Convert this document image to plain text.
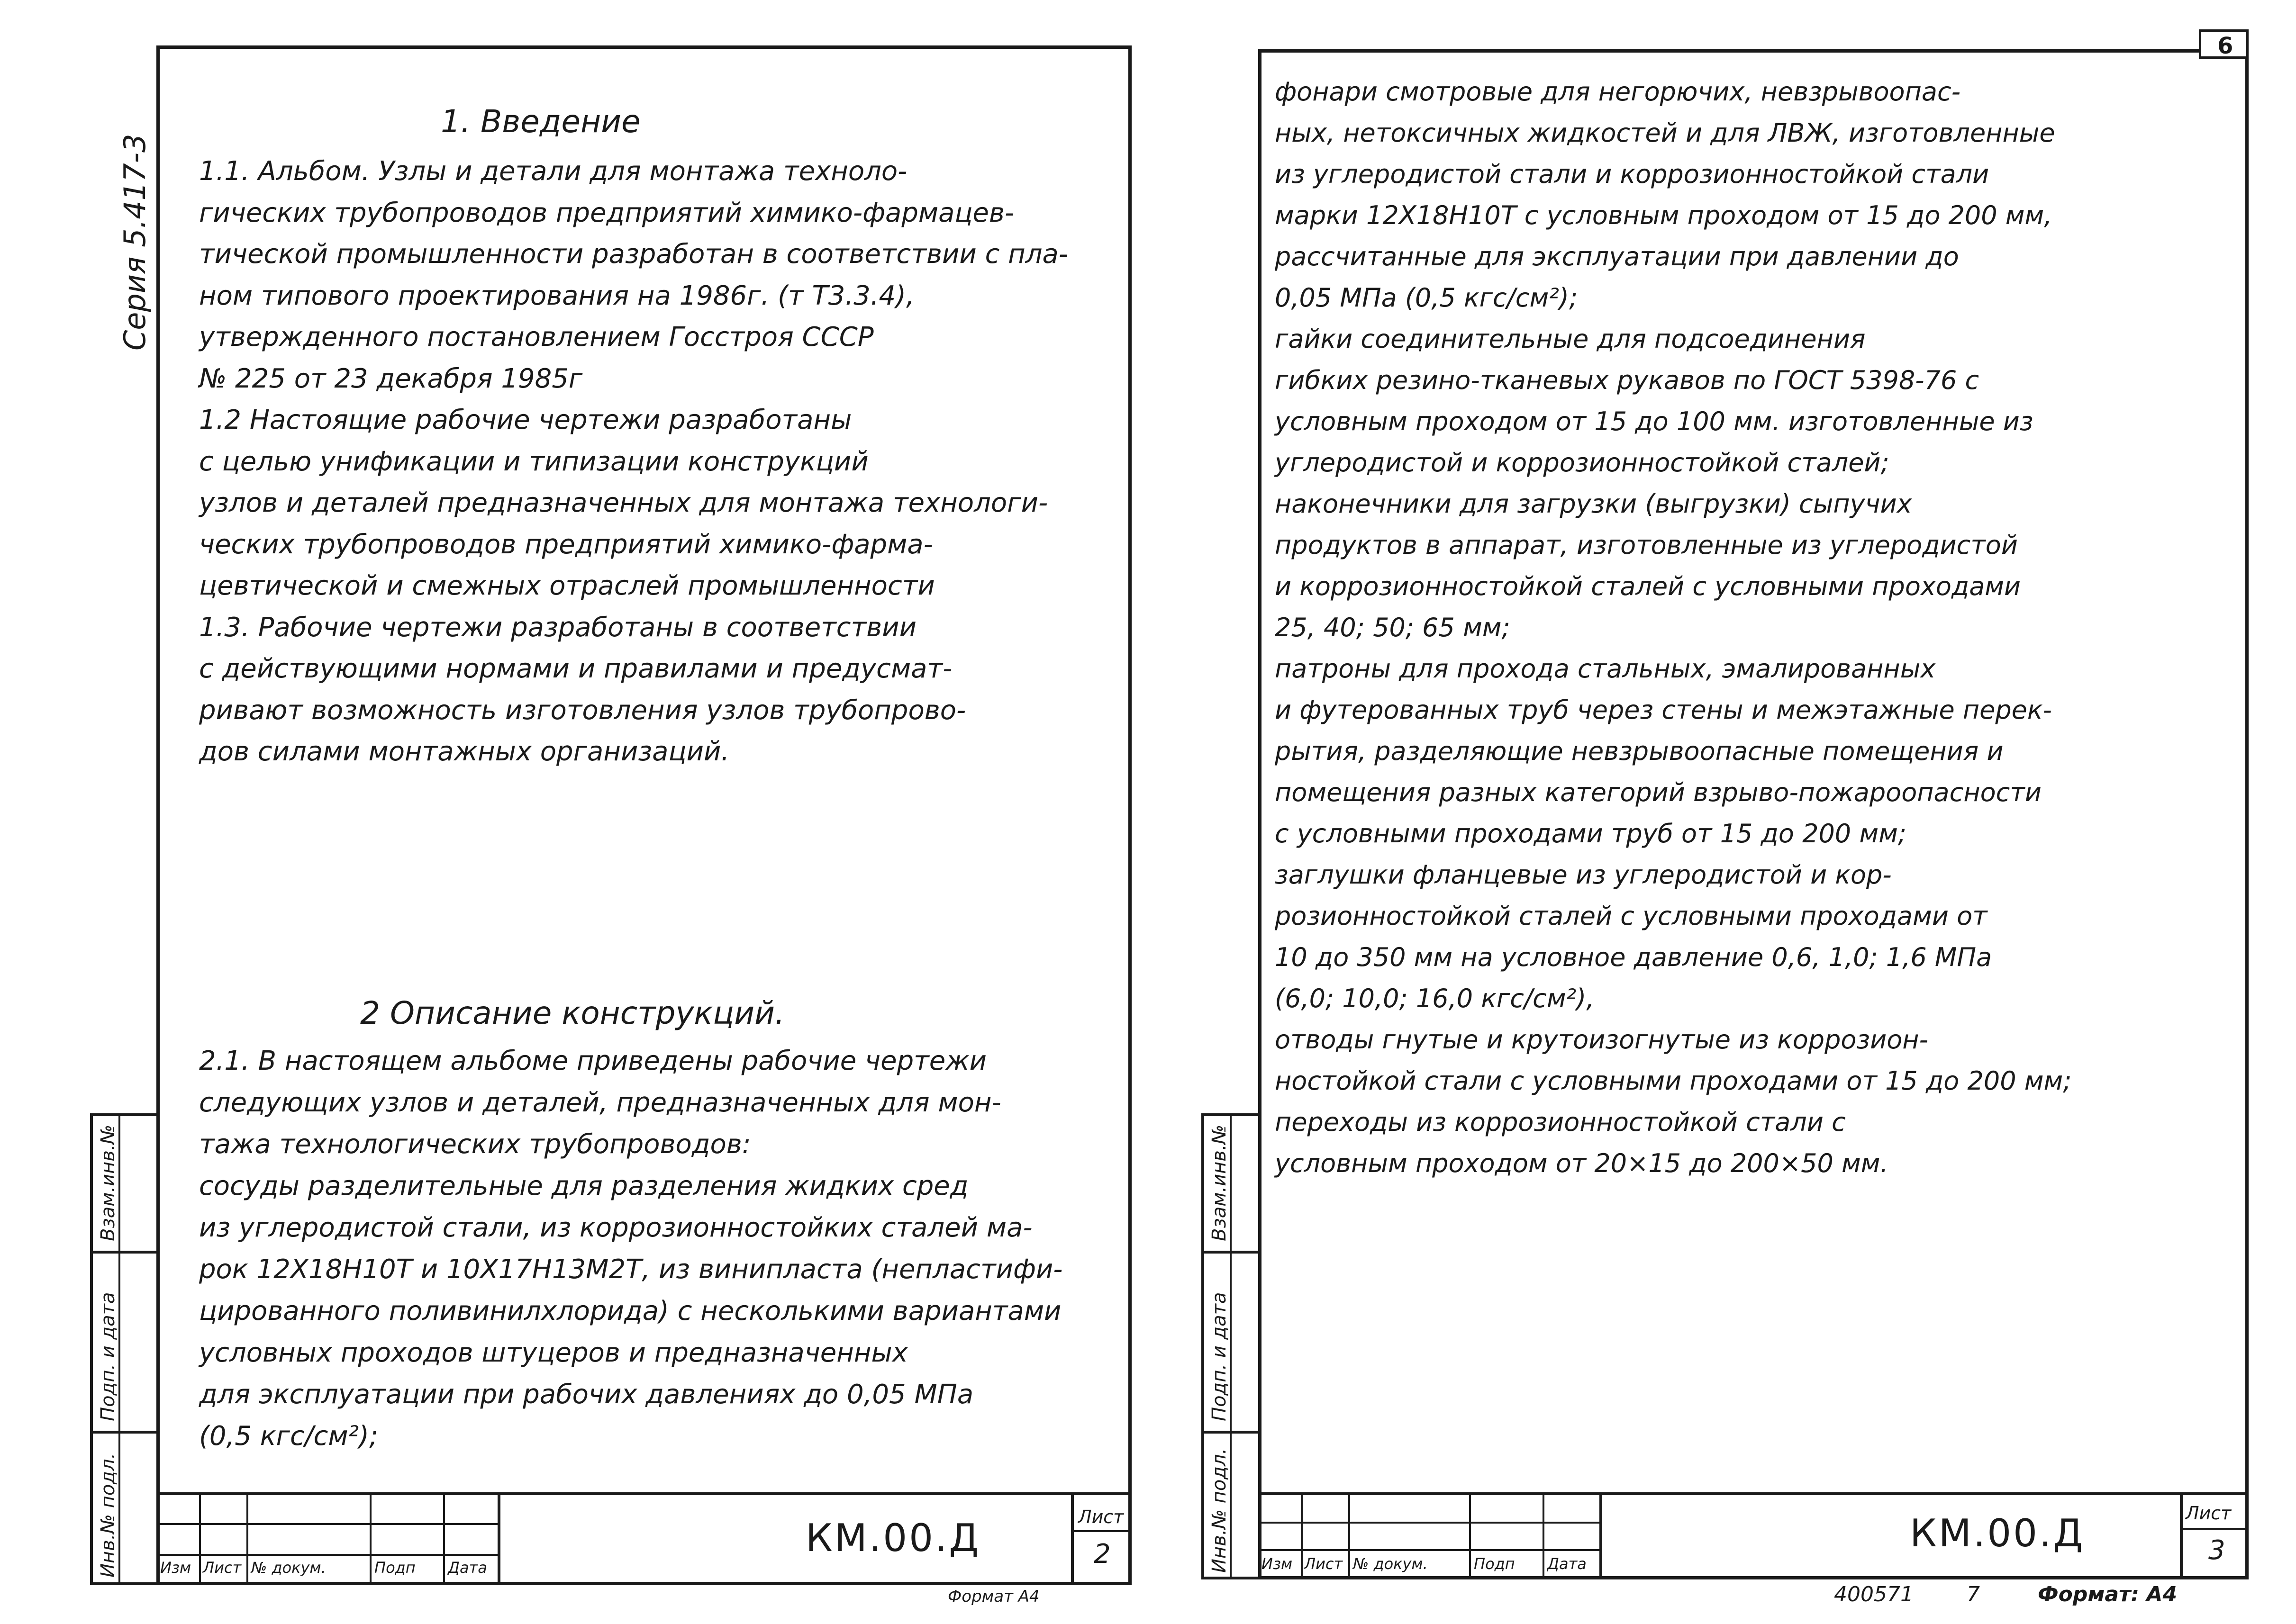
Серия 5.417-3
Взам.инв.№
Подп. и дата
Инв.№ подл.
1. Введение
1.1. Альбом. Узлы и детали для монтажа техноло-
гических трубопроводов предприятий химико-фармацев-
тической промышленности разработан в соответствии с пла-
ном типового проектирования на 1986г. (т Т3.3.4),
утвержденного постановлением Госстроя СССР
№ 225 от 23 декабря 1985г
1.2 Настоящие рабочие чертежи разработаны
с целью унификации и типизации конструкций
узлов и деталей предназначенных для монтажа технологи-
ческих трубопроводов предприятий химико-фарма-
цевтической и смежных отраслей промышленности
1.3. Рабочие чертежи разработаны в соответствии
с действующими нормами и правилами и предусмат-
ривают возможность изготовления узлов трубопрово-
дов силами монтажных организаций.
2 Описание конструкций.
2.1. В настоящем альбоме приведены рабочие чертежи
следующих узлов и деталей, предназначенных для мон-
тажа технологических трубопроводов:
сосуды разделительные для разделения жидких сред
из углеродистой стали, из коррозионностойких сталей ма-
рок 12Х18Н10Т и 10Х17Н13М2Т, из винипласта (непластифи-
цированного поливинилхлорида) с несколькими вариантами
условных проходов штуцеров и предназначенных
для эксплуатации при рабочих давлениях до 0,05 МПа
(0,5 кгс/см²);
Изм Лист № докум.	Подп Дата
КМ.00.Д	Лист
2
Формат А4
6
Взам.инв.№
Подп. и дата
Инв.№ подл.
фонари смотровые для негорючих, невзрывоопас-
ных, нетоксичных жидкостей и для ЛВЖ, изготовленные
из углеродистой стали и коррозионностойкой стали
марки 12Х18Н10Т с условным проходом от 15 до 200 мм,
рассчитанные для эксплуатации при давлении до
0,05 МПа (0,5 кгс/см²);
гайки соединительные для подсоединения
гибких резино-тканевых рукавов по ГОСТ 5398-76 с
условным проходом от 15 до 100 мм. изготовленные из
углеродистой и коррозионностойкой сталей;
наконечники для загрузки (выгрузки) сыпучих
продуктов в аппарат, изготовленные из углеродистой
и коррозионностойкой сталей с условными проходами
25, 40; 50; 65 мм;
патроны для прохода стальных, эмалированных
и футерованных труб через стены и межэтажные перек-
рытия, разделяющие невзрывоопасные помещения и
помещения разных категорий взрыво-пожароопасности
с условными проходами труб от 15 до 200 мм;
заглушки фланцевые из углеродистой и кор-
розионностойкой сталей с условными проходами от
10 до 350 мм на условное давление 0,6, 1,0; 1,6 МПа
(6,0; 10,0; 16,0 кгс/см²),
отводы гнутые и крутоизогнутые из коррозион-
ностойкой стали с условными проходами от 15 до 200 мм;
переходы из коррозионностойкой стали с
условным проходом от 20×15 до 200×50 мм.
Изм Лист № докум.	Подп Дата
КМ.00.Д	Лист
3
400571	7	Формат: А4
